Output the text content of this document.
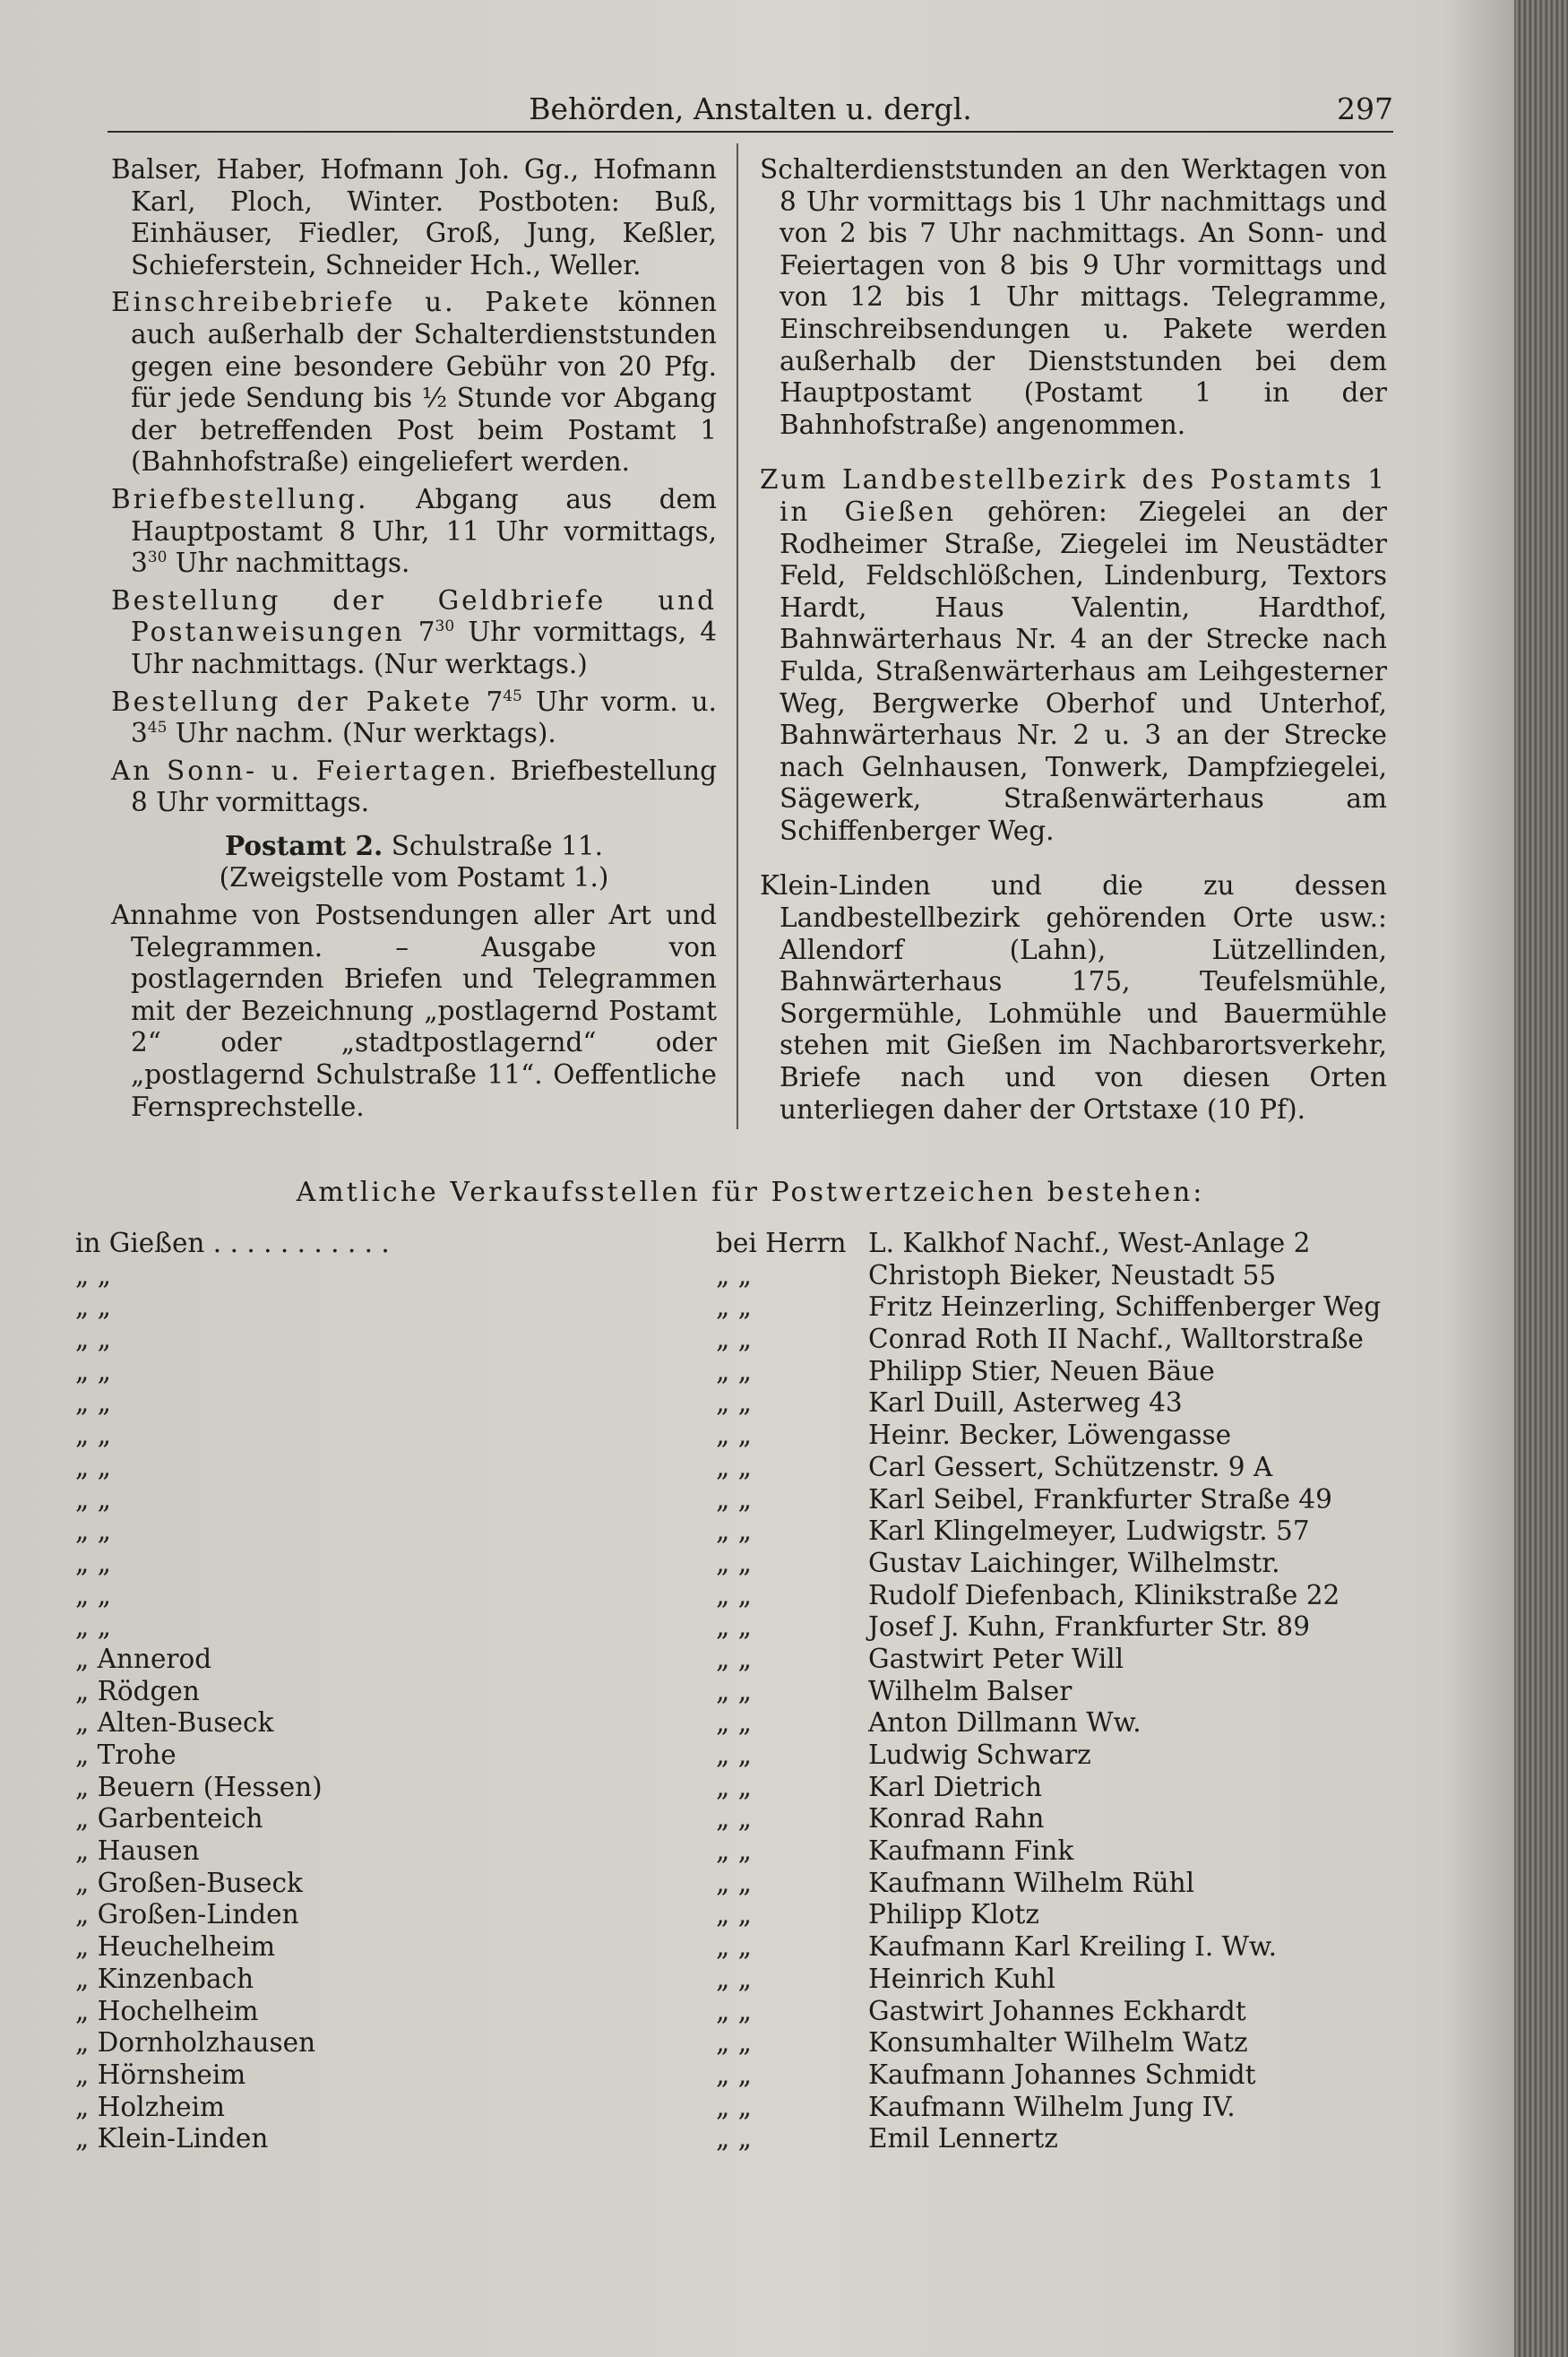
Behörden, Anstalten u. dergl.	297

Balser, Haber, Hofmann Joh. Gg., Hofmann Karl, Ploch, Winter. Postboten: Buß, Einhäuser, Fiedler, Groß, Jung, Keßler, Schieferstein, Schneider Hch., Weller.

Einschreibebriefe u. Pakete können auch außerhalb der Schalterdienststunden gegen eine besondere Gebühr von 20 Pfg. für jede Sendung bis ½ Stunde vor Abgang der betreffenden Post beim Postamt 1 (Bahnhofstraße) eingeliefert werden.

Briefbestellung. Abgang aus dem Hauptpostamt 8 Uhr, 11 Uhr vormittags, $3^{30}$ Uhr nachmittags.

Bestellung der Geldbriefe und Postanweisungen $7^{30}$ Uhr vormittags, 4 Uhr nachmittags. (Nur werktags.)

Bestellung der Pakete $7^{45}$ Uhr vorm. u. $3^{45}$ Uhr nachm. (Nur werktags).

An Sonn- u. Feiertagen. Briefbestellung 8 Uhr vormittags.

Postamt 2. Schulstraße 11.

(Zweigstelle vom Postamt 1.)

Annahme von Postsendungen aller Art und Telegrammen. – Ausgabe von postlagernden Briefen und Telegrammen mit der Bezeichnung „postlagernd Postamt 2“ oder „stadtpostlagernd“ oder „postlagernd Schulstraße 11“. Oeffentliche Fernsprechstelle.

Schalterdienststunden an den Werktagen von 8 Uhr vormittags bis 1 Uhr nachmittags und von 2 bis 7 Uhr nachmittags. An Sonn- und Feiertagen von 8 bis 9 Uhr vormittags und von 12 bis 1 Uhr mittags. Telegramme, Einschreibsendungen u. Pakete werden außerhalb der Dienststunden bei dem Hauptpostamt (Postamt 1 in der Bahnhofstraße) angenommen.

Zum Landbestellbezirk des Postamts 1 in Gießen gehören: Ziegelei an der Rodheimer Straße, Ziegelei im Neustädter Feld, Feldschlößchen, Lindenburg, Textors Hardt, Haus Valentin, Hardthof, Bahnwärterhaus Nr. 4 an der Strecke nach Fulda, Straßenwärterhaus am Leihgesterner Weg, Bergwerke Oberhof und Unterhof, Bahnwärterhaus Nr. 2 u. 3 an der Strecke nach Gelnhausen, Tonwerk, Dampfziegelei, Sägewerk, Straßenwärterhaus am Schiffenberger Weg.

Klein-Linden und die zu dessen Landbestellbezirk gehörenden Orte usw.: Allendorf (Lahn), Lützellinden, Bahnwärterhaus 175, Teufelsmühle, Sorgermühle, Lohmühle und Bauermühle stehen mit Gießen im Nachbarortsverkehr, Briefe nach und von diesen Orten unterliegen daher der Ortstaxe (10 Pf).

Amtliche Verkaufsstellen für Postwertzeichen bestehen:
in Gießen . . . . . . . . . . .	bei Herrn L. Kalkhof Nachf., West-Anlage 2
„ „	„ „	Christoph Bieker, Neustadt 55
„ „	„ „	Fritz Heinzerling, Schiffenberger Weg
„ „	„ „	Conrad Roth II Nachf., Walltorstraße
„ „	„ „	Philipp Stier, Neuen Bäue
„ „	„ „	Karl Duill, Asterweg 43
„ „	„ „	Heinr. Becker, Löwengasse
„ „	„ „	Carl Gessert, Schützenstr. 9 A
„ „	„ „	Karl Seibel, Frankfurter Straße 49
„ „	„ „	Karl Klingelmeyer, Ludwigstr. 57
„ „	„ „	Gustav Laichinger, Wilhelmstr.
„ „	„ „	Rudolf Diefenbach, Klinikstraße 22
„ „	„ „	Josef J. Kuhn, Frankfurter Str. 89
„ Annerod	„ „	Gastwirt Peter Will
„ Rödgen	„ „	Wilhelm Balser
„ Alten-Buseck	„ „	Anton Dillmann Ww.
„ Trohe	„ „	Ludwig Schwarz
„ Beuern (Hessen)	„ „	Karl Dietrich
„ Garbenteich	„ „	Konrad Rahn
„ Hausen	„ „	Kaufmann Fink
„ Großen-Buseck	„ „	Kaufmann Wilhelm Rühl
„ Großen-Linden	„ „	Philipp Klotz
„ Heuchelheim	„ „	Kaufmann Karl Kreiling I. Ww.
„ Kinzenbach	„ „	Heinrich Kuhl
„ Hochelheim	„ „	Gastwirt Johannes Eckhardt
„ Dornholzhausen	„ „	Konsumhalter Wilhelm Watz
„ Hörnsheim	„ „	Kaufmann Johannes Schmidt
„ Holzheim	„ „	Kaufmann Wilhelm Jung IV.
„ Klein-Linden	„ „	Emil Lennertz
